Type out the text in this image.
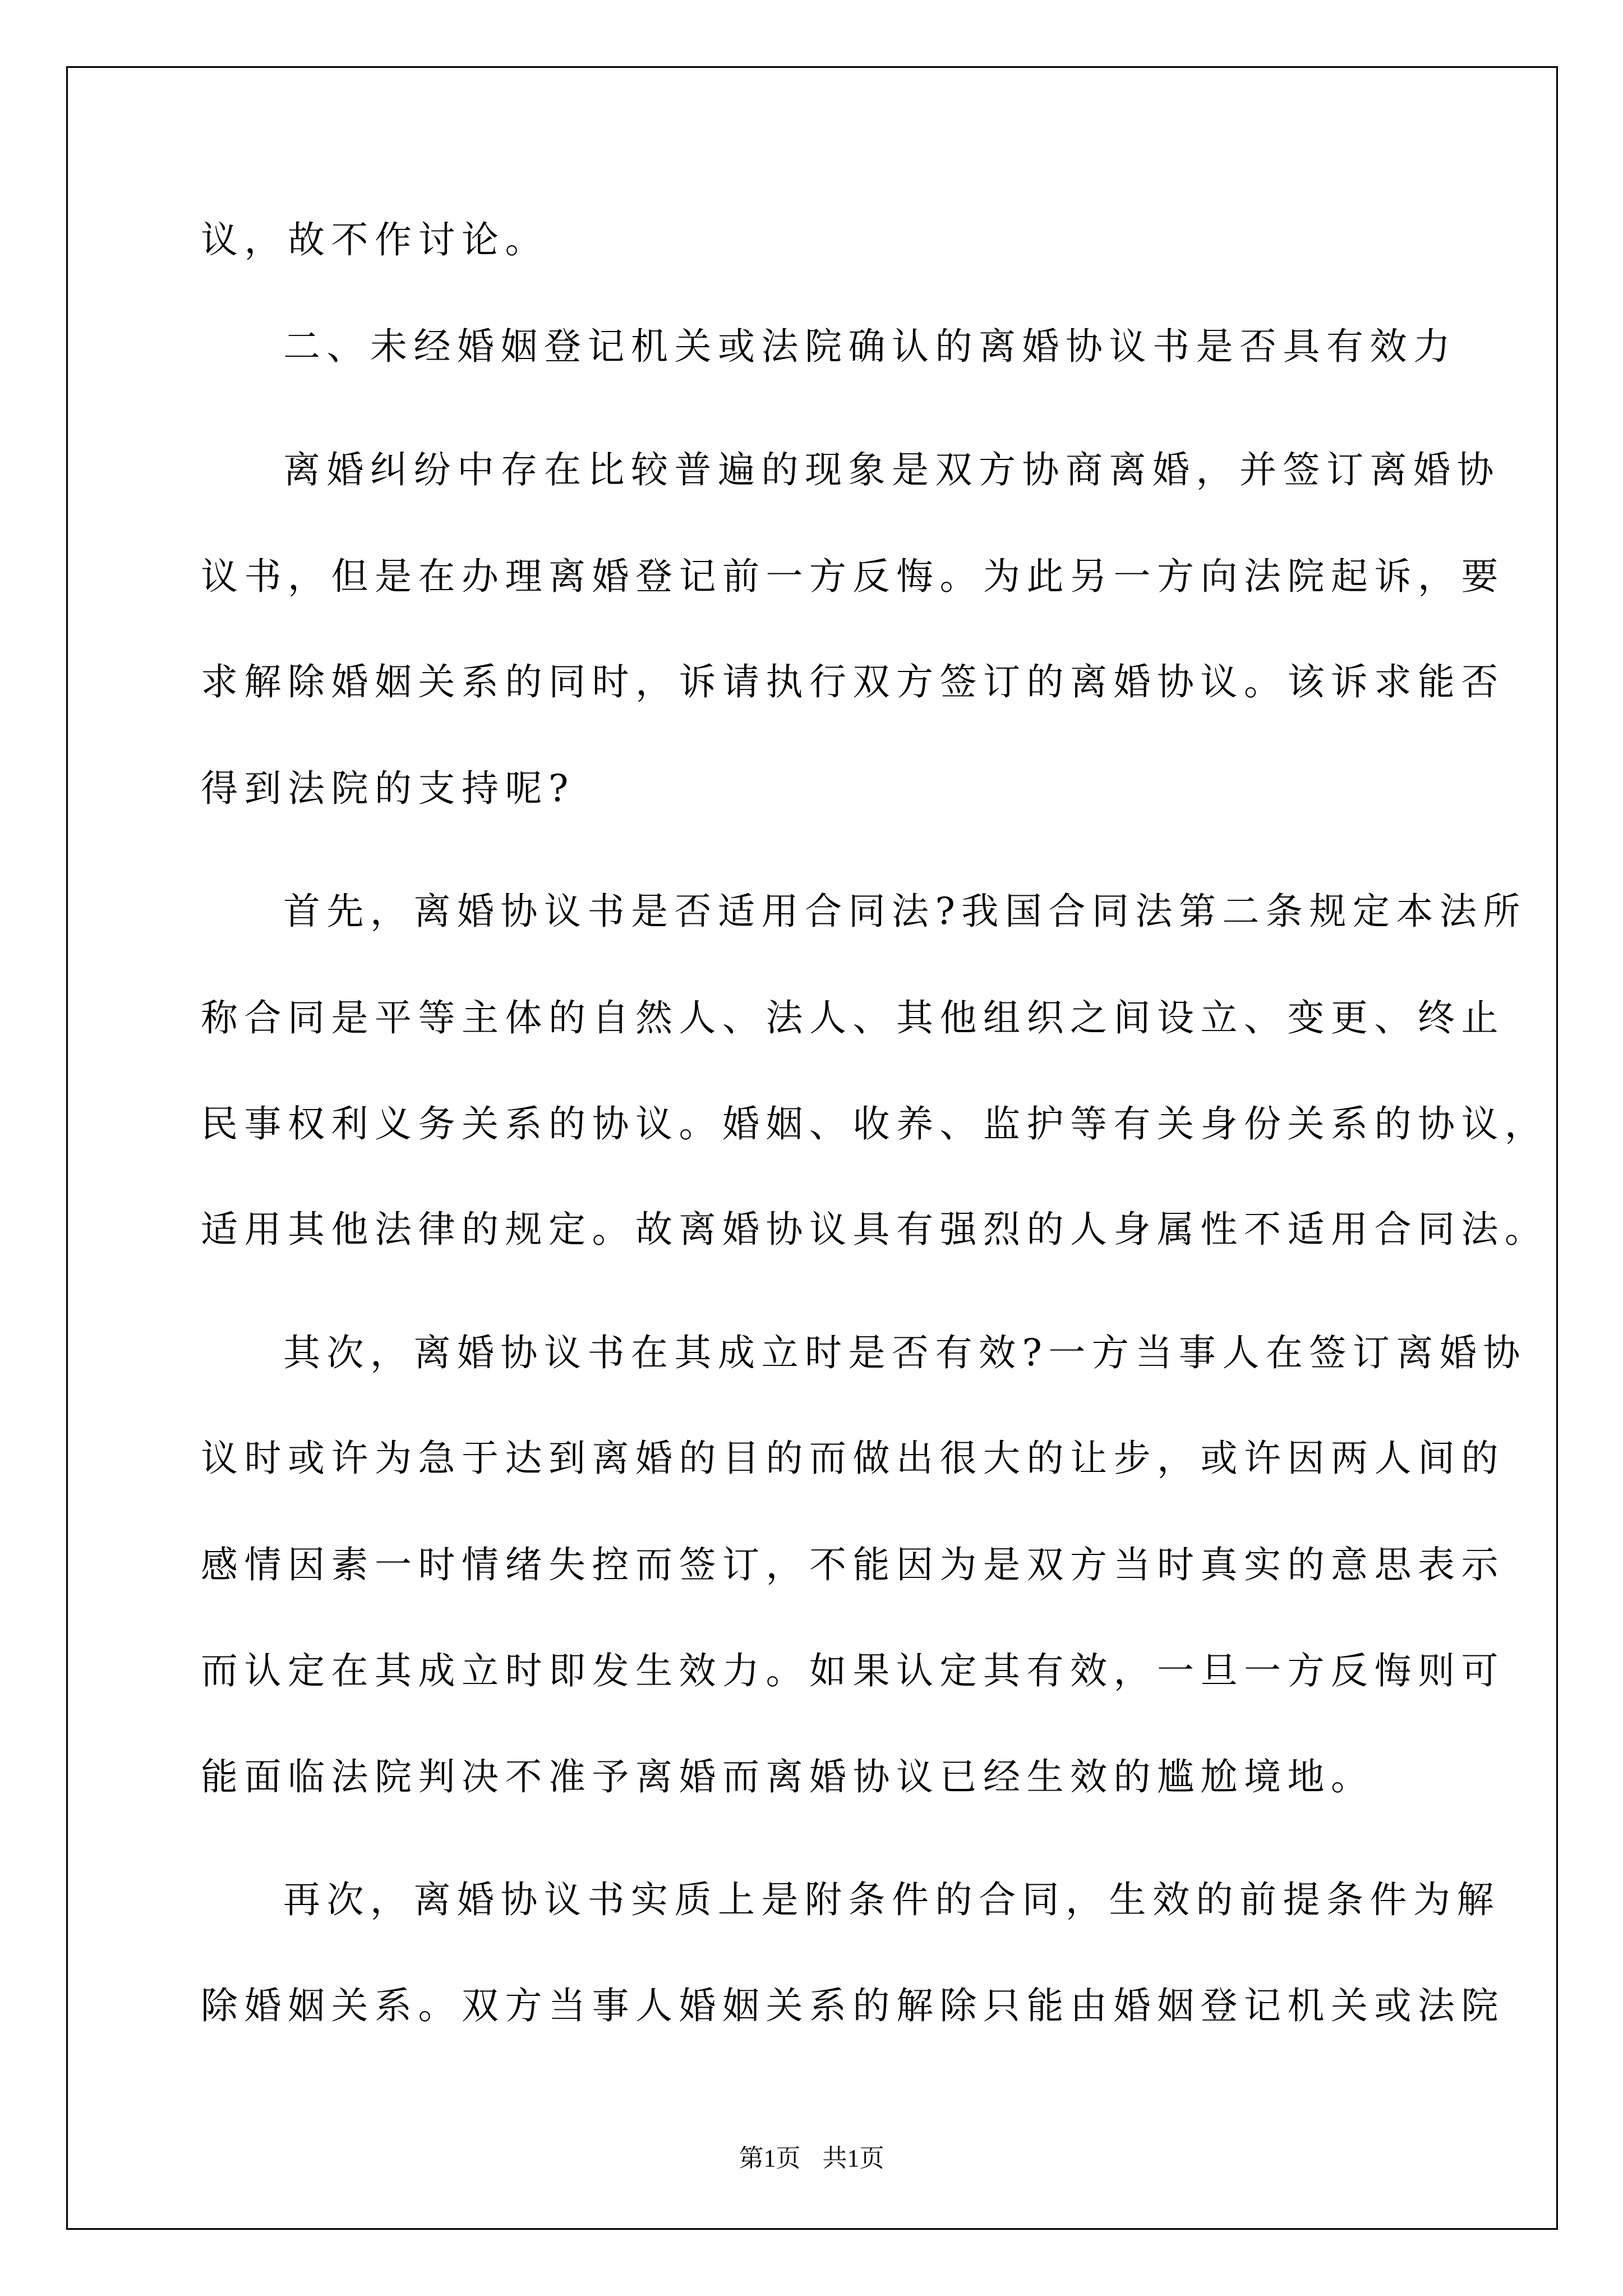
议，故不作讨论。
二、未经婚姻登记机关或法院确认的离婚协议书是否具有效力
离婚纠纷中存在比较普遍的现象是双方协商离婚，并签订离婚协
议书，但是在办理离婚登记前一方反悔。为此另一方向法院起诉，要
求解除婚姻关系的同时，诉请执行双方签订的离婚协议。该诉求能否
得到法院的支持呢?
首先，离婚协议书是否适用合同法?我国合同法第二条规定本法所
称合同是平等主体的自然人、法人、其他组织之间设立、变更、终止
民事权利义务关系的协议。婚姻、收养、监护等有关身份关系的协议，
适用其他法律的规定。故离婚协议具有强烈的人身属性不适用合同法。
其次，离婚协议书在其成立时是否有效?一方当事人在签订离婚协
议时或许为急于达到离婚的目的而做出很大的让步，或许因两人间的
感情因素一时情绪失控而签订，不能因为是双方当时真实的意思表示
而认定在其成立时即发生效力。如果认定其有效，一旦一方反悔则可
能面临法院判决不准予离婚而离婚协议已经生效的尴尬境地。
再次，离婚协议书实质上是附条件的合同，生效的前提条件为解
除婚姻关系。双方当事人婚姻关系的解除只能由婚姻登记机关或法院
第1页 共1页
